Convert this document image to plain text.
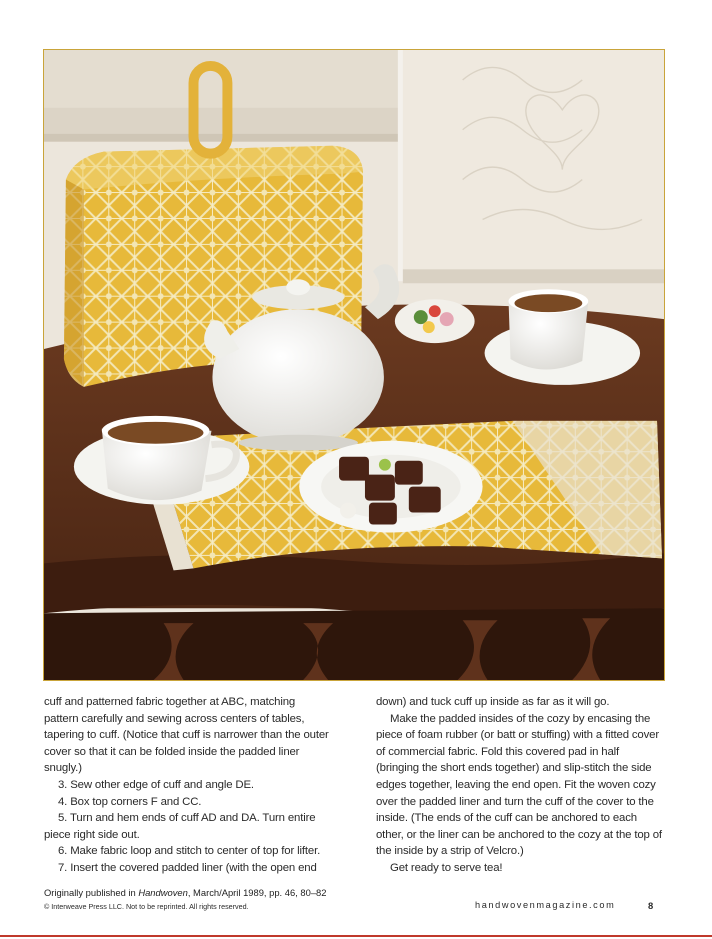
cuff and patterned fabric together at ABC, matching pattern carefully and sewing across centers of tables, tapering to cuff. (Notice that cuff is narrower than the outer cover so that it can be folded inside the padded liner snugly.)

3. Sew other edge of cuff and angle DE.

4. Box top corners F and CC.

5. Turn and hem ends of cuff AD and DA. Turn entire piece right side out.

6. Make fabric loop and stitch to center of top for lifter.

7. Insert the covered padded liner (with the open end

down) and tuck cuff up inside as far as it will go.

Make the padded insides of the cozy by encasing the piece of foam rubber (or batt or stuffing) with a fitted cover of commercial fabric. Fold this covered pad in half (bringing the short ends together) and slip-stitch the side edges together, leaving the end open. Fit the woven cozy over the padded liner and turn the cuff of the cover to the inside. (The ends of the cuff can be anchored to each other, or the liner can be anchored to the cozy at the top of the inside by a strip of Velcro.)

Get ready to serve tea!

Originally published in Handwoven, March/April 1989, pp. 46, 80–82
© Interweave Press LLC. Not to be reprinted. All rights reserved.	handwovenmagazine.com	8
